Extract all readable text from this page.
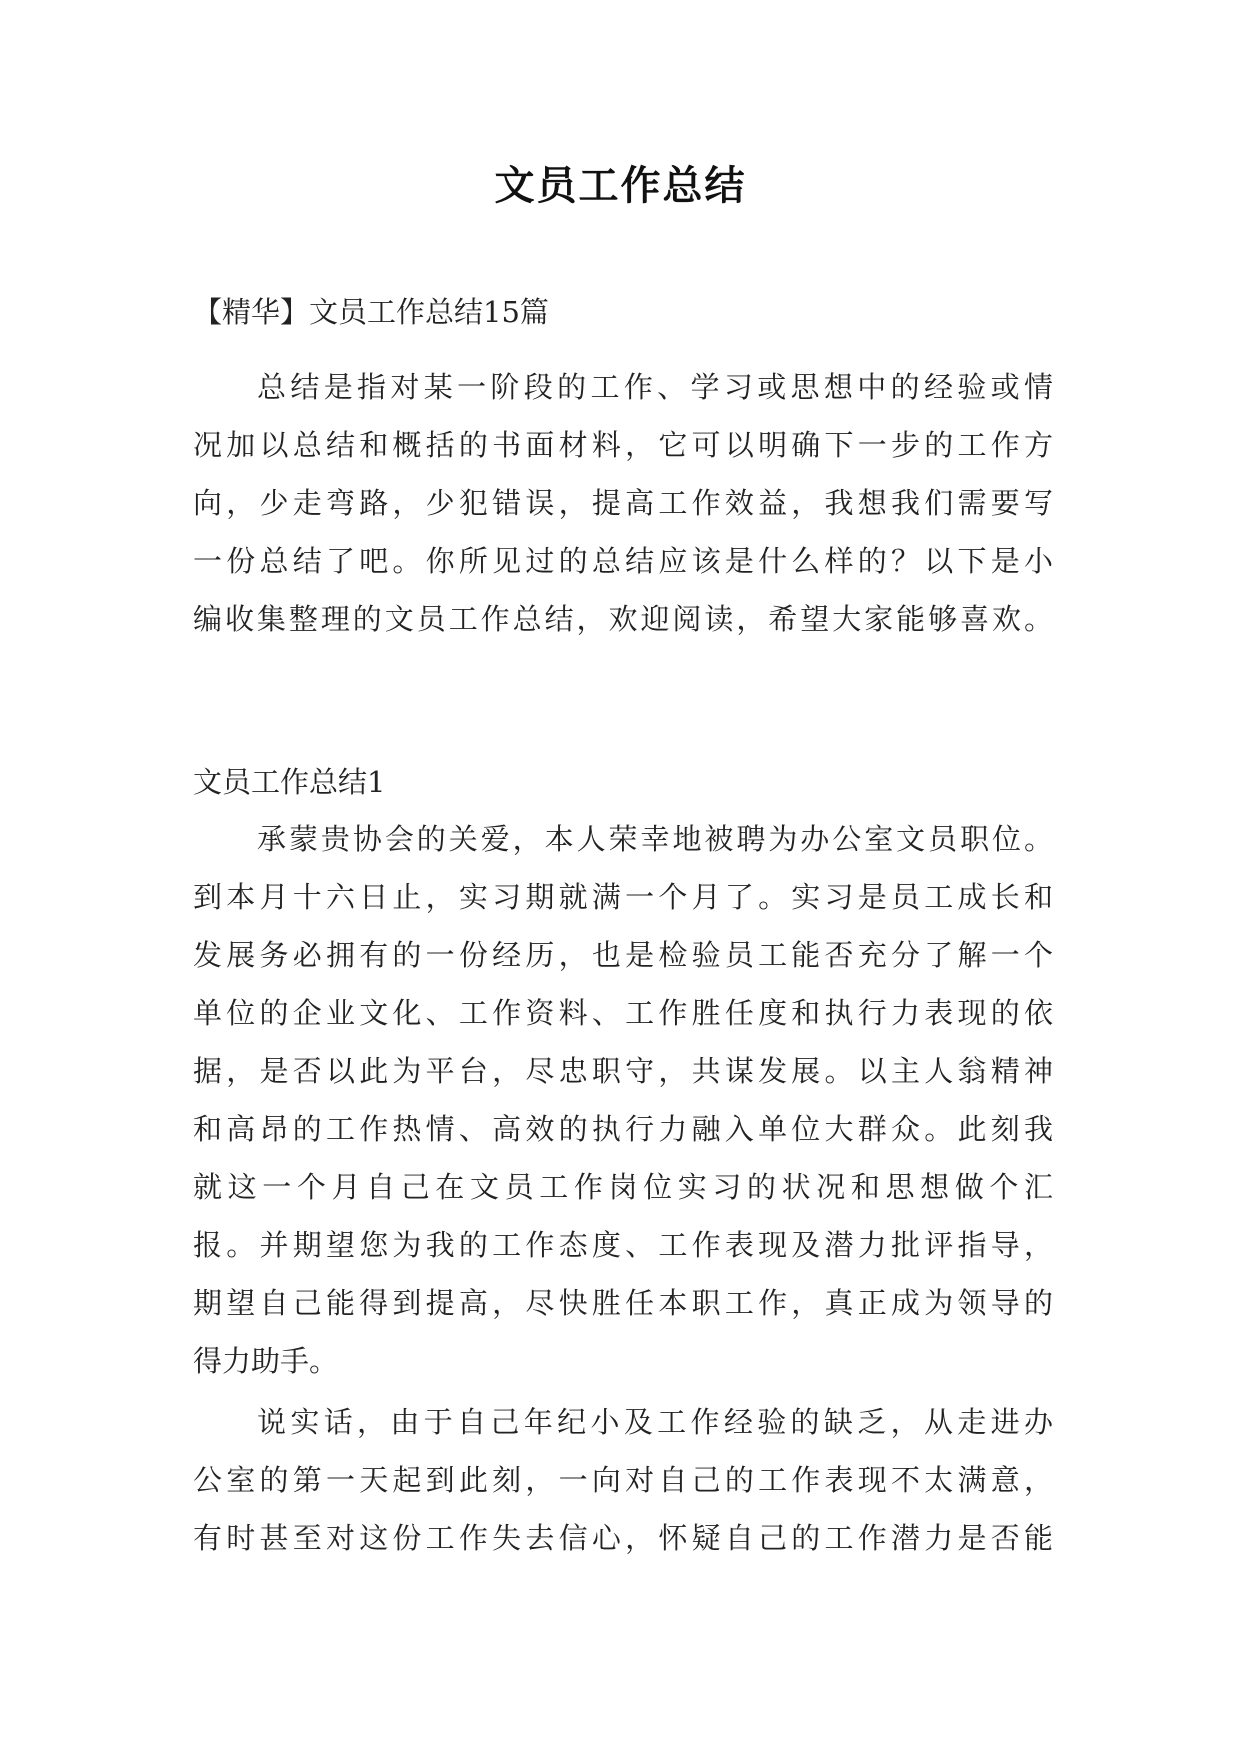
文员工作总结
【精华】文员工作总结15篇
总结是指对某一阶段的工作、学习或思想中的经验或情
况加以总结和概括的书面材料，它可以明确下一步的工作方
向，少走弯路，少犯错误，提高工作效益，我想我们需要写
一份总结了吧。你所见过的总结应该是什么样的？以下是小
编收集整理的文员工作总结，欢迎阅读，希望大家能够喜欢。
文员工作总结1
承蒙贵协会的关爱，本人荣幸地被聘为办公室文员职位。
到本月十六日止，实习期就满一个月了。实习是员工成长和
发展务必拥有的一份经历，也是检验员工能否充分了解一个
单位的企业文化、工作资料、工作胜任度和执行力表现的依
据，是否以此为平台，尽忠职守，共谋发展。以主人翁精神
和高昂的工作热情、高效的执行力融入单位大群众。此刻我
就这一个月自己在文员工作岗位实习的状况和思想做个汇
报。并期望您为我的工作态度、工作表现及潜力批评指导，
期望自己能得到提高，尽快胜任本职工作，真正成为领导的
得力助手。
说实话，由于自己年纪小及工作经验的缺乏，从走进办
公室的第一天起到此刻，一向对自己的工作表现不太满意，
有时甚至对这份工作失去信心，怀疑自己的工作潜力是否能
